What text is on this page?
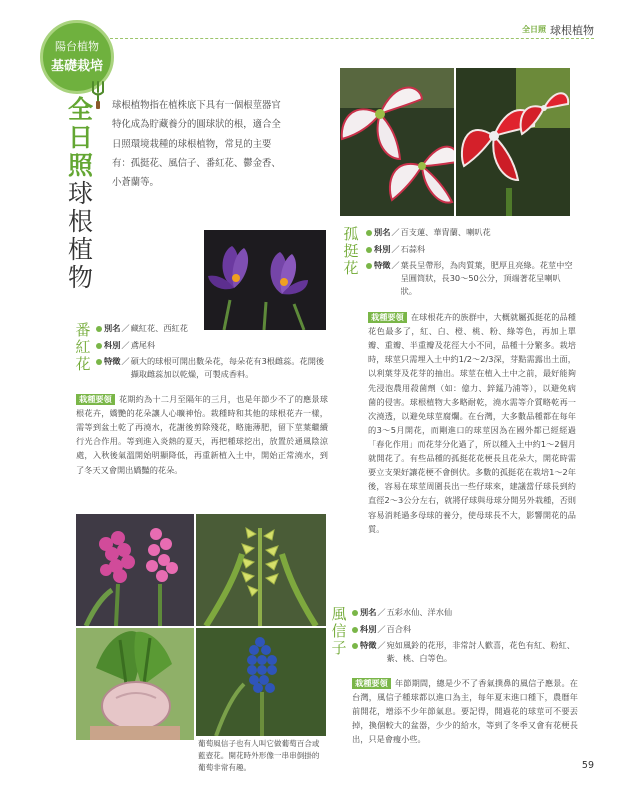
全日照 球根植物
陽台植物
基礎栽培
全
日
照
球
根
植
物

球根植物指在植株底下具有一個根莖器官特化成為貯藏養分的圓球狀的根，適合全日照環境栽種的球根植物，常見的主要有：孤挺花、風信子、番紅花、鬱金香、小蒼蘭等。

孤
挺
花
別名 ／ 百支蓮、華胄蘭、喇叭花
科別 ／ 石蒜科
特徵 ／ 葉長呈帶形，為肉質葉，肥厚且亮綠。花莖中空呈圓筒狀，長30～50公分，頂端著花呈喇叭狀。
栽種要領 在球根花卉的族群中，大概就屬孤挺花的品種花色最多了，紅、白、橙、桃、粉、綠等色，再加上單瓣、重瓣、半重瓣及花徑大小不同，品種十分繁多。栽培時，球莖只需埋入土中約1/2～2/3深，芽點需露出土面，以利葉芽及花芽的抽出。球莖在植入土中之前，最好能夠先浸泡農用殺菌劑（如：億力、鋅錳乃浦等），以避免病菌的侵害。球根植物大多略耐乾，澆水需等介質略乾再一次澆透，以避免球莖腐爛。在台灣，大多數品種都在每年的3～5月開花，而剛進口的球莖因為在國外都已經經過「春化作用」而花芽分化過了，所以種入土中約1～2個月就開花了。有些品種的孤挺花花梗長且花朵大，開花時需要立支架好讓花梗不會倒伏。多數的孤挺花在栽培1～2年後，容易在球莖周圍長出一些仔球來，建議當仔球長到約直徑2～3公分左右，就將仔球與母球分開另外栽種，否則容易消耗過多母球的養分，使母球長不大，影響開花的品質。
番
紅
花
別名 ／ 藏紅花、西紅花
科別 ／ 鳶尾科
特徵 ／ 碩大的球根可開出數朵花，每朵花有3根雌蕊。花開後擷取雌蕊加以乾燥，可製成香料。
栽種要領 花期約為十二月至隔年的三月，也是年節少不了的應景球根花卉，嬌艷的花朵讓人心曠神怡。栽種時和其他的球根花卉一樣，需等到盆土乾了再澆水，花謝後剪除殘花，略施薄肥，留下莖葉繼續行光合作用。等到進入炎熱的夏天，再把種球挖出，放置於通風陰涼處，入秋後氣溫開始明顯降低，再重新植入土中，開始正常澆水，到了冬天又會開出嬌豔的花朵。
風
信
子
別名 ／ 五彩水仙、洋水仙
科別 ／ 百合科
特徵 ／ 宛如風鈴的花形，非常討人歡喜，花色有紅、粉紅、紫、桃、白等色。
栽種要領 年節期間，總是少不了香氣撲鼻的風信子應景。在台灣，風信子種球都以進口為主，每年夏末進口種下，農曆年前開花，增添不少年節氣息。要記得，開過花的球莖可不要丟掉，換個較大的盆器，少少的給水，等到了冬季又會有花梗長出，只是會瘦小些。

葡萄風信子也有人叫它做葡萄百合或藍壺花。開花時外形像一串串倒掛的葡萄非常有趣。	59
